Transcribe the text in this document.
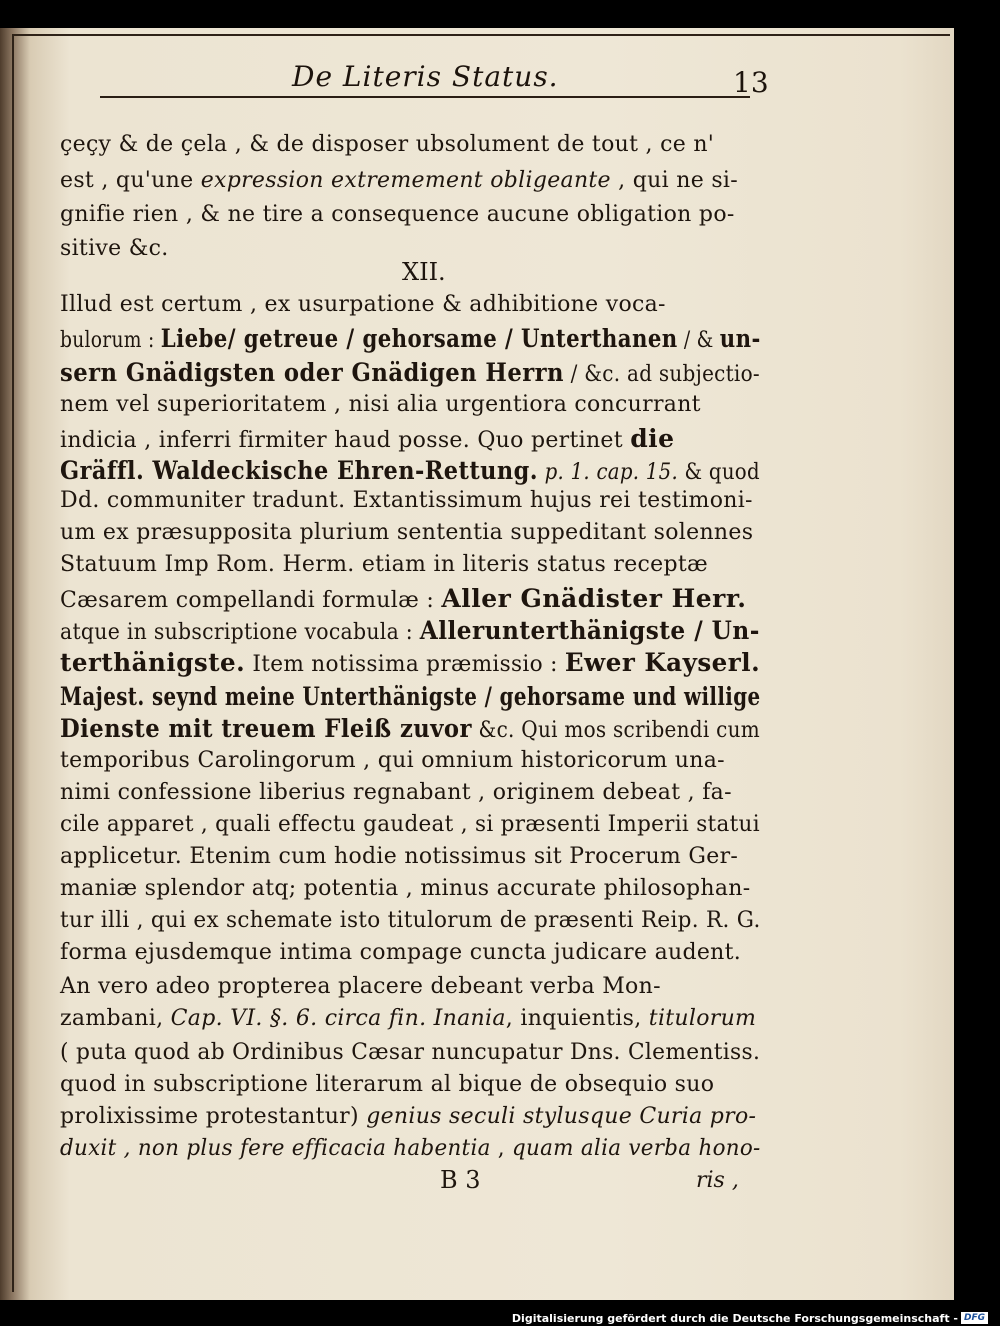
De Literis Status.	13
XII.
çeçy & de çela , & de disposer ubsolument de tout , ce n'
est , qu'une expression extremement obligeante , qui ne si-
gnifie rien , & ne tire a consequence aucune obligation po-
sitive &c.
Illud est certum , ex usurpatione & adhibitione voca-
bulorum : Liebe/ getreue / gehorsame / Unterthanen / & un-
sern Gnädigsten oder Gnädigen Herrn / &c. ad subjectio-
nem vel superioritatem , nisi alia urgentiora concurrant
indicia , inferri firmiter haud posse. Quo pertinet die
Gräffl. Waldeckische Ehren-Rettung. p. 1. cap. 15. & quod
Dd. communiter tradunt. Extantissimum hujus rei testimoni-
um ex præsupposita plurium sententia suppeditant solennes
Statuum Imp Rom. Herm. etiam in literis status receptæ
Cæsarem compellandi formulæ : Aller Gnädister Herr.
atque in subscriptione vocabula : Allerunterthänigste / Un-
terthänigste. Item notissima præmissio : Ewer Kayserl.
Majest. seynd meine Unterthänigste / gehorsame und willige
Dienste mit treuem Fleiß zuvor &c. Qui mos scribendi cum
temporibus Carolingorum , qui omnium historicorum una-
nimi confessione liberius regnabant , originem debeat , fa-
cile apparet , quali effectu gaudeat , si præsenti Imperii statui
applicetur. Etenim cum hodie notissimus sit Procerum Ger-
maniæ splendor atq; potentia , minus accurate philosophan-
tur illi , qui ex schemate isto titulorum de præsenti Reip. R. G.
forma ejusdemque intima compage cuncta judicare audent.
An vero adeo propterea placere debeant verba Mon-
zambani, Cap. VI. §. 6. circa fin. Inania, inquientis, titulorum
( puta quod ab Ordinibus Cæsar nuncupatur Dns. Clementiss.
quod in subscriptione literarum al bique de obsequio suo
prolixissime protestantur) genius seculi stylusque Curia pro-
duxit , non plus fere efficacia habentia , quam alia verba hono-
B 3	ris ,
Digitalisierung gefördert durch die Deutsche Forschungsgemeinschaft - DFG
